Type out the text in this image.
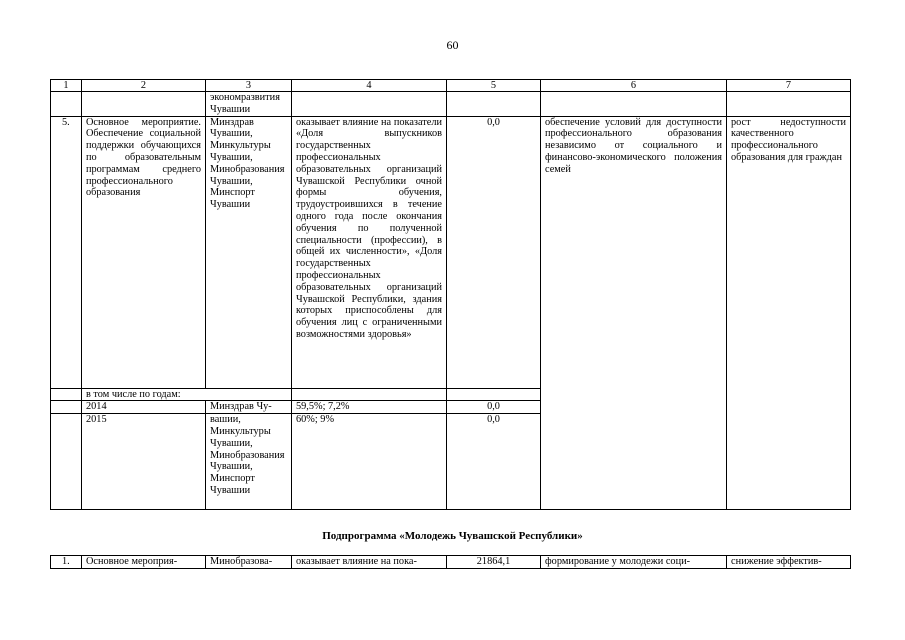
60
1	2	3	4	5	6	7	
		экономразвития Чувашии					
5.	Основное мероприятие. Обеспечение социальной поддержки обучающихся по образовательным программам среднего профессионального образования	Минздрав Чувашии, Минкультуры Чувашии, Минобразования Чувашии, Минспорт Чувашии	оказывает влияние на показатели «Доля выпускников государственных профессиональных образовательных организаций Чувашской Республики очной формы обучения, трудоустроившихся в течение одного года после окончания обучения по полученной специальности (профессии), в общей их численности», «Доля государственных профессиональных образовательных организаций Чувашской Республики, здания которых приспособлены для обучения лиц с ограниченными возможностями здоровья»	0,0	обеспечение условий для доступности профессионального образования независимо от социального и финансово-экономического положения семей	рост недоступности качественного профессионального образования для граждан	
	в том числе по годам:						
	2014	Минздрав Чу-	59,5%; 7,2%	0,0			
	2015	вашии, Минкультуры Чувашии, Минобразования Чувашии, Минспорт Чувашии	60%; 9%	0,0			
Подпрограмма «Молодежь Чувашской Республики»
1.	Основное мероприя-	Минобразова-	оказывает влияние на пока-	21864,1	формирование у молодежи соци-	снижение эффектив-
